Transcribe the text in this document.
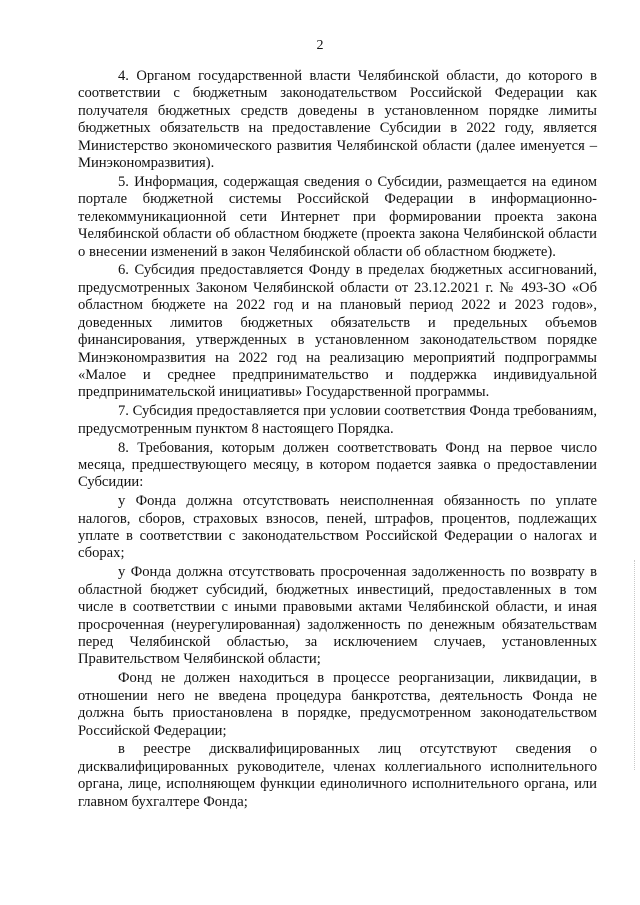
2

4. Органом государственной власти Челябинской области, до которого в соответствии с бюджетным законодательством Российской Федерации как получателя бюджетных средств доведены в установленном порядке лимиты бюджетных обязательств на предоставление Субсидии в 2022 году, является Министерство экономического развития Челябинской области (далее именуется – Минэкономразвития).

5. Информация, содержащая сведения о Субсидии, размещается на едином портале бюджетной системы Российской Федерации в информационно-телекоммуникационной сети Интернет при формировании проекта закона Челябинской области об областном бюджете (проекта закона Челябинской области о внесении изменений в закон Челябинской области об областном бюджете).

6. Субсидия предоставляется Фонду в пределах бюджетных ассигнований, предусмотренных Законом Челябинской области от 23.12.2021 г. № 493-ЗО «Об областном бюджете на 2022 год и на плановый период 2022 и 2023 годов», доведенных лимитов бюджетных обязательств и предельных объемов финансирования, утвержденных в установленном законодательством порядке Минэкономразвития на 2022 год на реализацию мероприятий подпрограммы «Малое и среднее предпринимательство и поддержка индивидуальной предпринимательской инициативы» Государственной программы.

7. Субсидия предоставляется при условии соответствия Фонда требованиям, предусмотренным пунктом 8 настоящего Порядка.

8. Требования, которым должен соответствовать Фонд на первое число месяца, предшествующего месяцу, в котором подается заявка о предоставлении Субсидии:

у Фонда должна отсутствовать неисполненная обязанность по уплате налогов, сборов, страховых взносов, пеней, штрафов, процентов, подлежащих уплате в соответствии с законодательством Российской Федерации о налогах и сборах;

у Фонда должна отсутствовать просроченная задолженность по возврату в областной бюджет субсидий, бюджетных инвестиций, предоставленных в том числе в соответствии с иными правовыми актами Челябинской области, и иная просроченная (неурегулированная) задолженность по денежным обязательствам перед Челябинской областью, за исключением случаев, установленных Правительством Челябинской области;

Фонд не должен находиться в процессе реорганизации, ликвидации, в отношении него не введена процедура банкротства, деятельность Фонда не должна быть приостановлена в порядке, предусмотренном законодательством Российской Федерации;

в реестре дисквалифицированных лиц отсутствуют сведения о дисквалифицированных руководителе, членах коллегиального исполнительного органа, лице, исполняющем функции единоличного исполнительного органа, или главном бухгалтере Фонда;
